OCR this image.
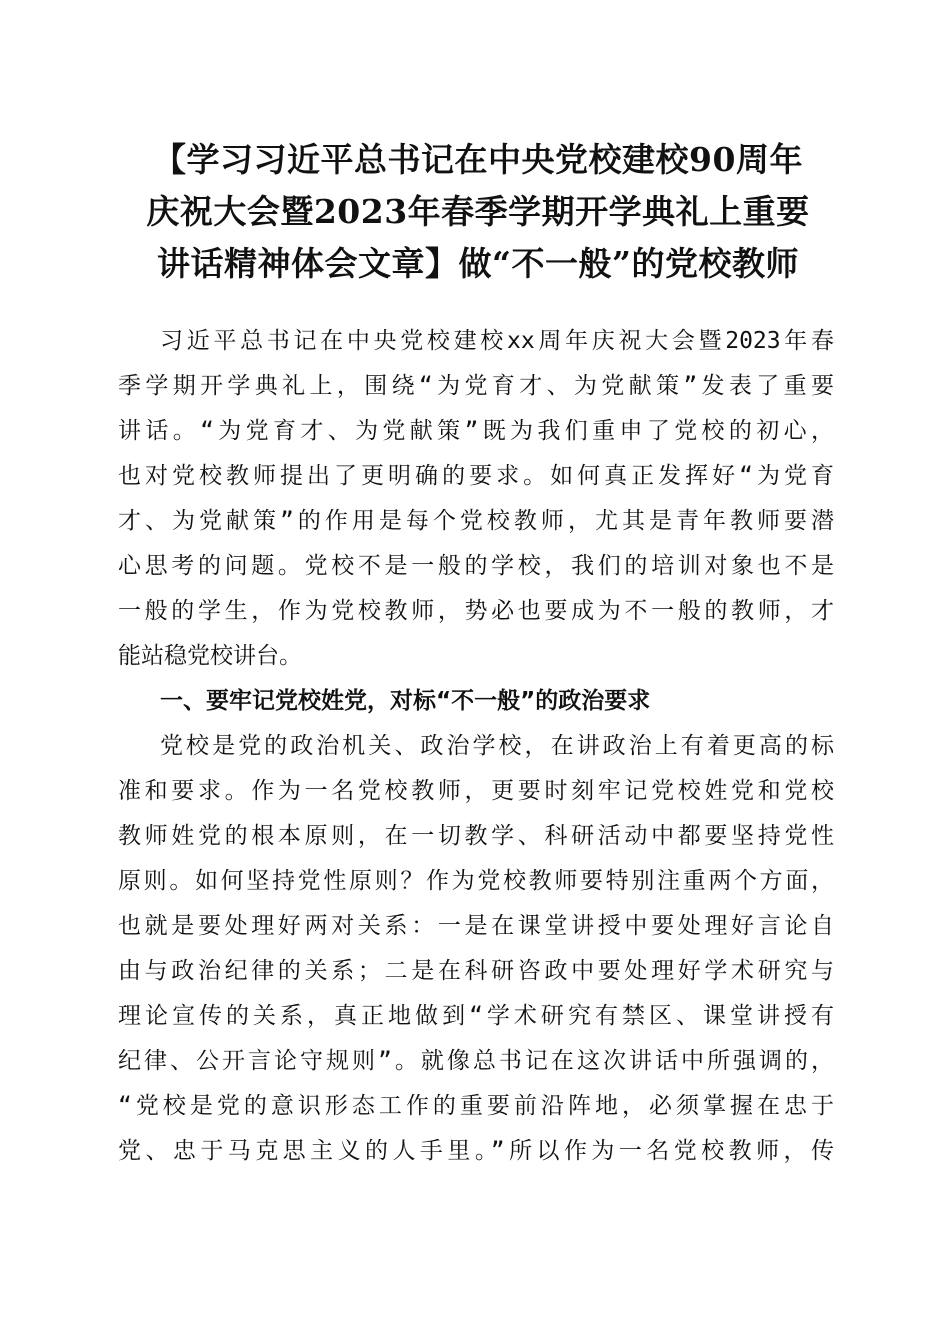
【学习习近平总书记在中央党校建校90周年
庆祝大会暨2023年春季学期开学典礼上重要
讲话精神体会文章】做“不一般”的党校教师

习近平总书记在中央党校建校xx周年庆祝大会暨2023年春

季学期开学典礼上，围绕“为党育才、为党献策”发表了重要

讲话。“为党育才、为党献策”既为我们重申了党校的初心，

也对党校教师提出了更明确的要求。如何真正发挥好“为党育

才、为党献策”的作用是每个党校教师，尤其是青年教师要潜

心思考的问题。党校不是一般的学校，我们的培训对象也不是

一般的学生，作为党校教师，势必也要成为不一般的教师，才

能站稳党校讲台。

一、要牢记党校姓党，对标“不一般”的政治要求

党校是党的政治机关、政治学校，在讲政治上有着更高的标

准和要求。作为一名党校教师，更要时刻牢记党校姓党和党校

教师姓党的根本原则，在一切教学、科研活动中都要坚持党性

原则。如何坚持党性原则？作为党校教师要特别注重两个方面，

也就是要处理好两对关系：一是在课堂讲授中要处理好言论自

由与政治纪律的关系；二是在科研咨政中要处理好学术研究与

理论宣传的关系，真正地做到“学术研究有禁区、课堂讲授有

纪律、公开言论守规则”。就像总书记在这次讲话中所强调的，

“党校是党的意识形态工作的重要前沿阵地，必须掌握在忠于

党、忠于马克思主义的人手里。”所以作为一名党校教师，传
